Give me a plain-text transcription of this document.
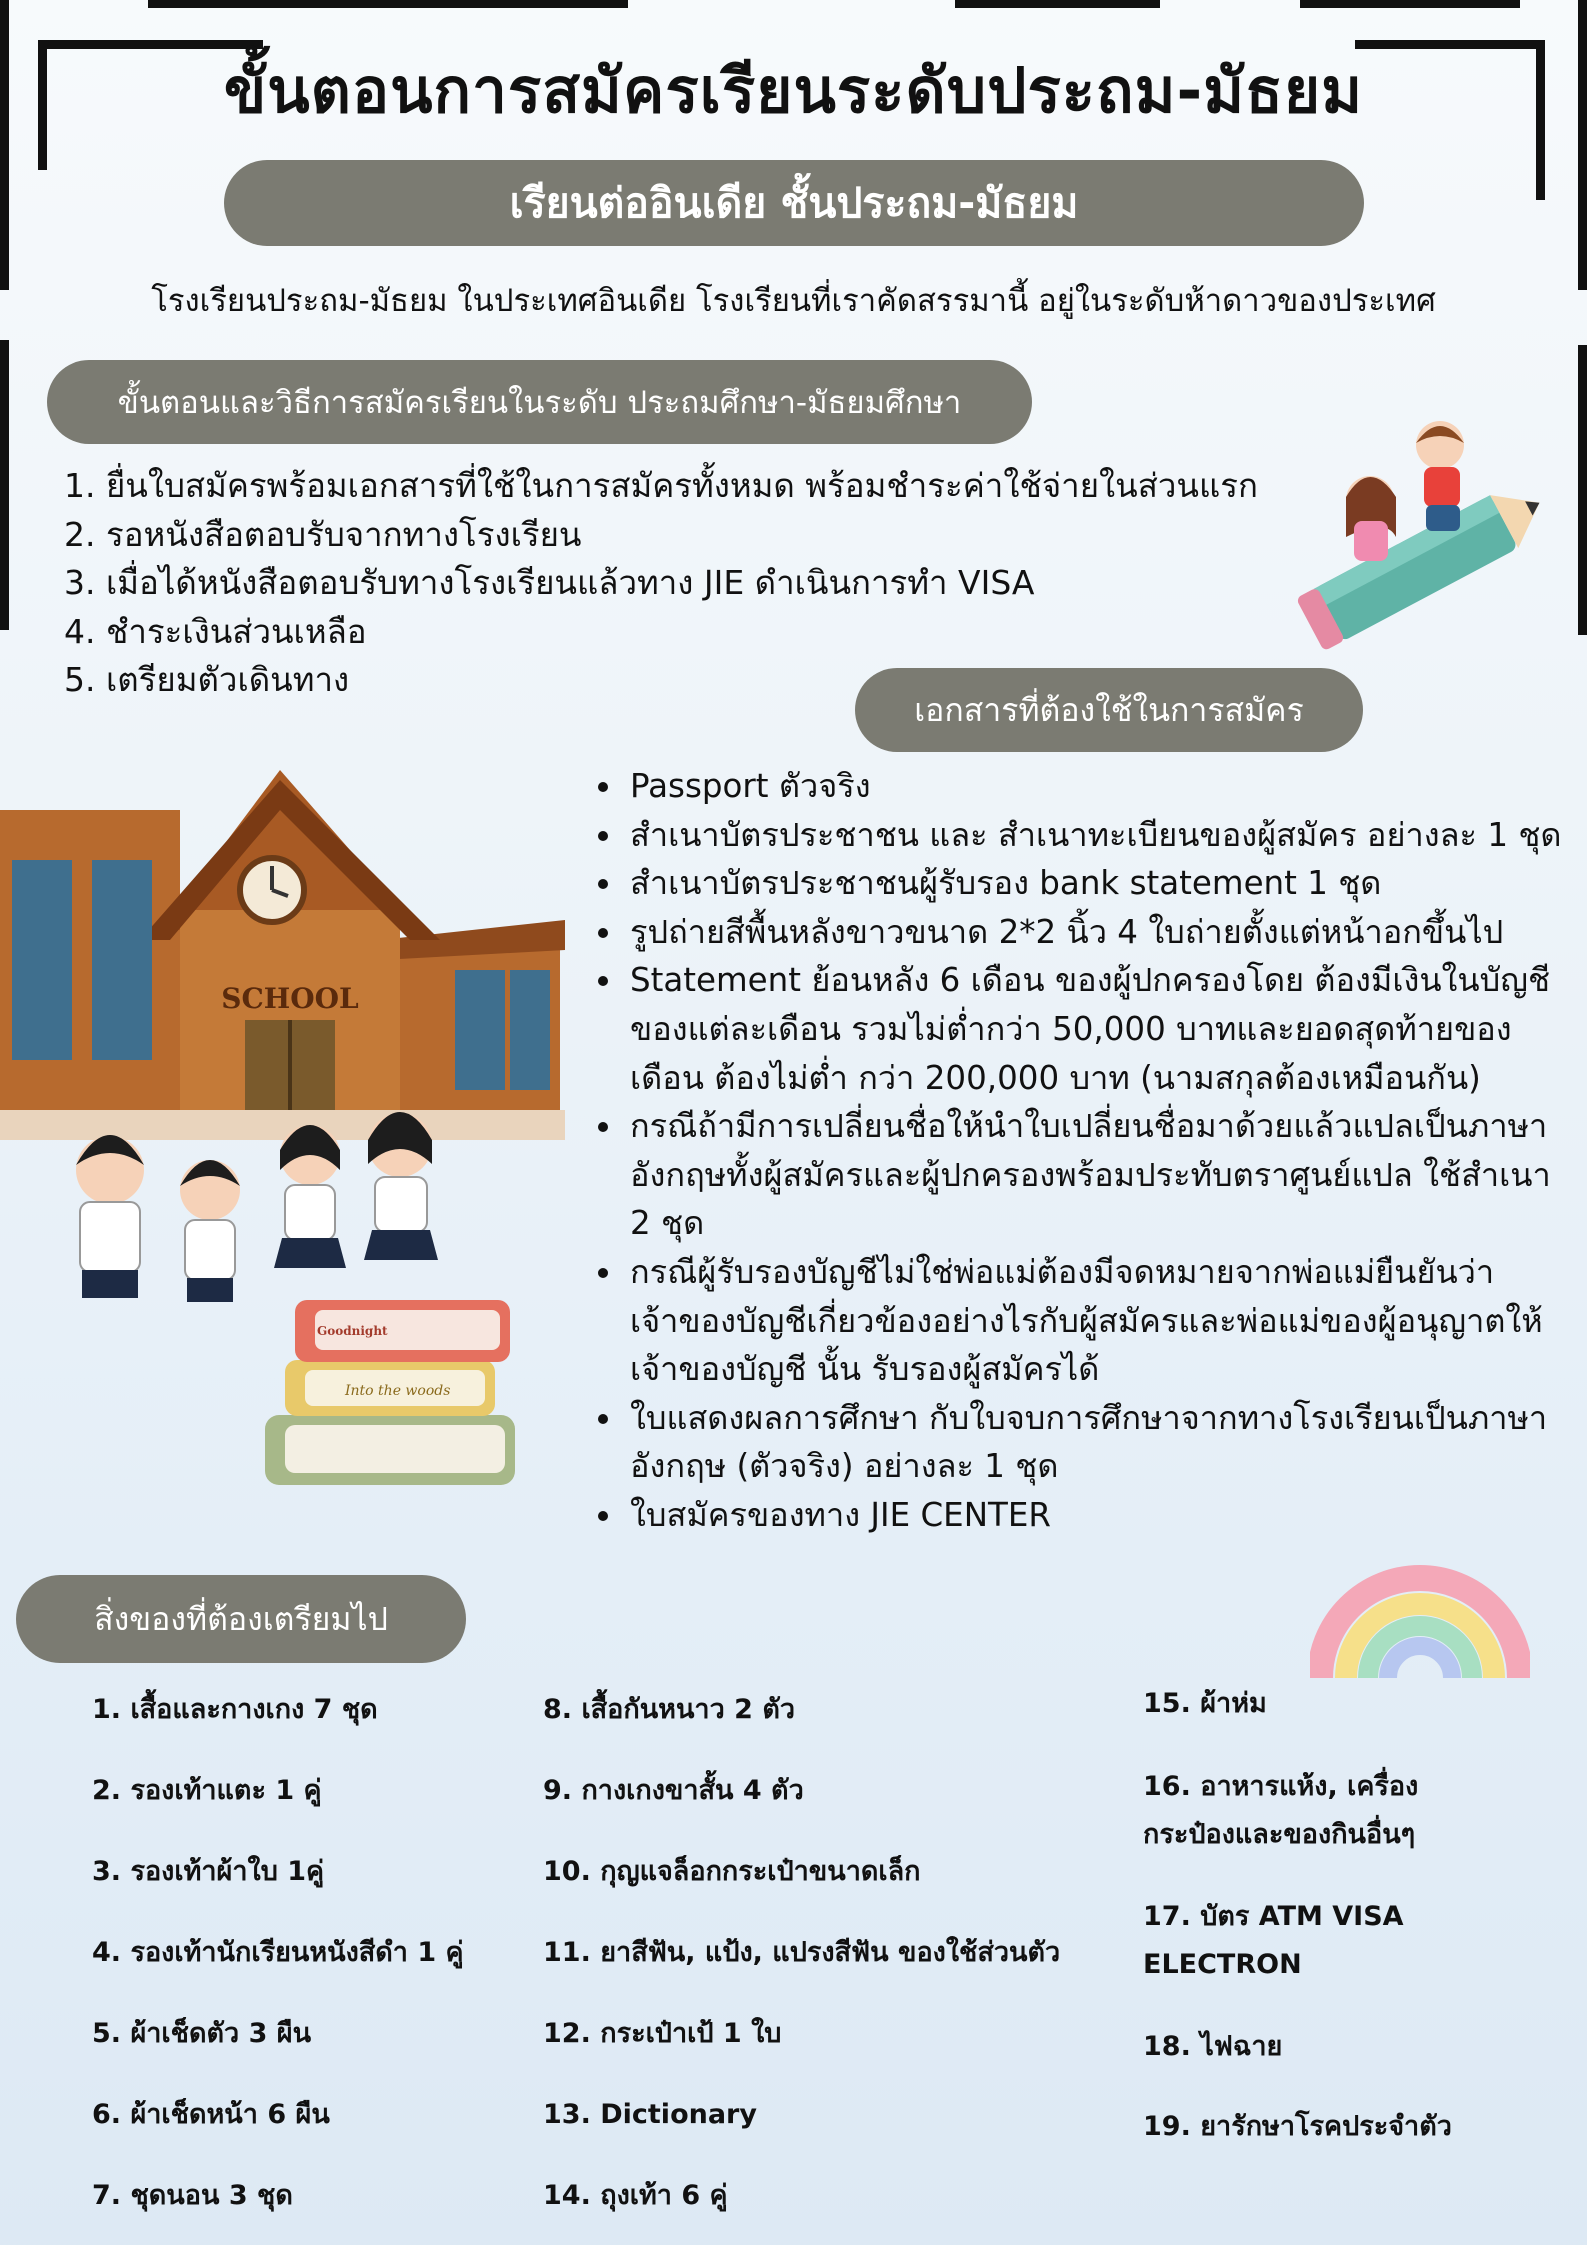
ขั้นตอนการสมัครเรียนระดับประถม-มัธยม
เรียนต่ออินเดีย ชั้นประถม-มัธยม
โรงเรียนประถม-มัธยม ในประเทศอินเดีย โรงเรียนที่เราคัดสรรมานี้ อยู่ในระดับห้าดาวของประเทศ
ขั้นตอนและวิธีการสมัครเรียนในระดับ ประถมศึกษา-มัธยมศึกษา
1. ยื่นใบสมัครพร้อมเอกสารที่ใช้ในการสมัครทั้งหมด พร้อมชำระค่าใช้จ่ายในส่วนแรก
2. รอหนังสือตอบรับจากทางโรงเรียน
3. เมื่อได้หนังสือตอบรับทางโรงเรียนแล้วทาง JIE ดำเนินการทำ VISA
4. ชำระเงินส่วนเหลือ
5. เตรียมตัวเดินทาง
เอกสารที่ต้องใช้ในการสมัคร
Passport ตัวจริง
สำเนาบัตรประชาชน และ สำเนาทะเบียนของผู้สมัคร อย่างละ 1 ชุด
สำเนาบัตรประชาชนผู้รับรอง bank statement 1 ชุด
รูปถ่ายสีพื้นหลังขาวขนาด 2*2 นิ้ว 4 ใบถ่ายตั้งแต่หน้าอกขึ้นไป
Statement ย้อนหลัง 6 เดือน ของผู้ปกครองโดย ต้องมีเงินในบัญชีของแต่ละเดือน รวมไม่ต่ำกว่า 50,000 บาทและยอดสุดท้ายของเดือน ต้องไม่ต่ำ กว่า 200,000 บาท (นามสกุลต้องเหมือนกัน)
กรณีถ้ามีการเปลี่ยนชื่อให้นำใบเปลี่ยนชื่อมาด้วยแล้วแปลเป็นภาษาอังกฤษทั้งผู้สมัครและผู้ปกครองพร้อมประทับตราศูนย์แปล ใช้สำเนา 2 ชุด
กรณีผู้รับรองบัญชีไม่ใช่พ่อแม่ต้องมีจดหมายจากพ่อแม่ยืนยันว่าเจ้าของบัญชีเกี่ยวข้องอย่างไรกับผู้สมัครและพ่อแม่ของผู้อนุญาตให้เจ้าของบัญชี นั้น รับรองผู้สมัครได้
ใบแสดงผลการศึกษา กับใบจบการศึกษาจากทางโรงเรียนเป็นภาษาอังกฤษ (ตัวจริง) อย่างละ 1 ชุด
ใบสมัครของทาง JIE CENTER
SCHOOL
Into the woods
Goodnight
สิ่งของที่ต้องเตรียมไป
1. เสื้อและกางเกง 7 ชุด
2. รองเท้าแตะ 1 คู่
3. รองเท้าผ้าใบ 1คู่
4. รองเท้านักเรียนหนังสีดำ 1 คู่
5. ผ้าเช็ดตัว 3 ผืน
6. ผ้าเช็ดหน้า 6 ผืน
7. ชุดนอน 3 ชุด
8. เสื้อกันหนาว 2 ตัว
9. กางเกงขาสั้น 4 ตัว
10. กุญแจล็อกกระเป๋าขนาดเล็ก
11. ยาสีฟัน, แป้ง, แปรงสีฟัน ของใช้ส่วนตัว
12. กระเป๋าเป้ 1 ใบ
13. Dictionary
14. ถุงเท้า 6 คู่
15. ผ้าห่ม
16. อาหารแห้ง, เครื่อง
กระป๋องและของกินอื่นๆ
17. บัตร ATM VISA
ELECTRON
18. ไฟฉาย
19. ยารักษาโรคประจำตัว
